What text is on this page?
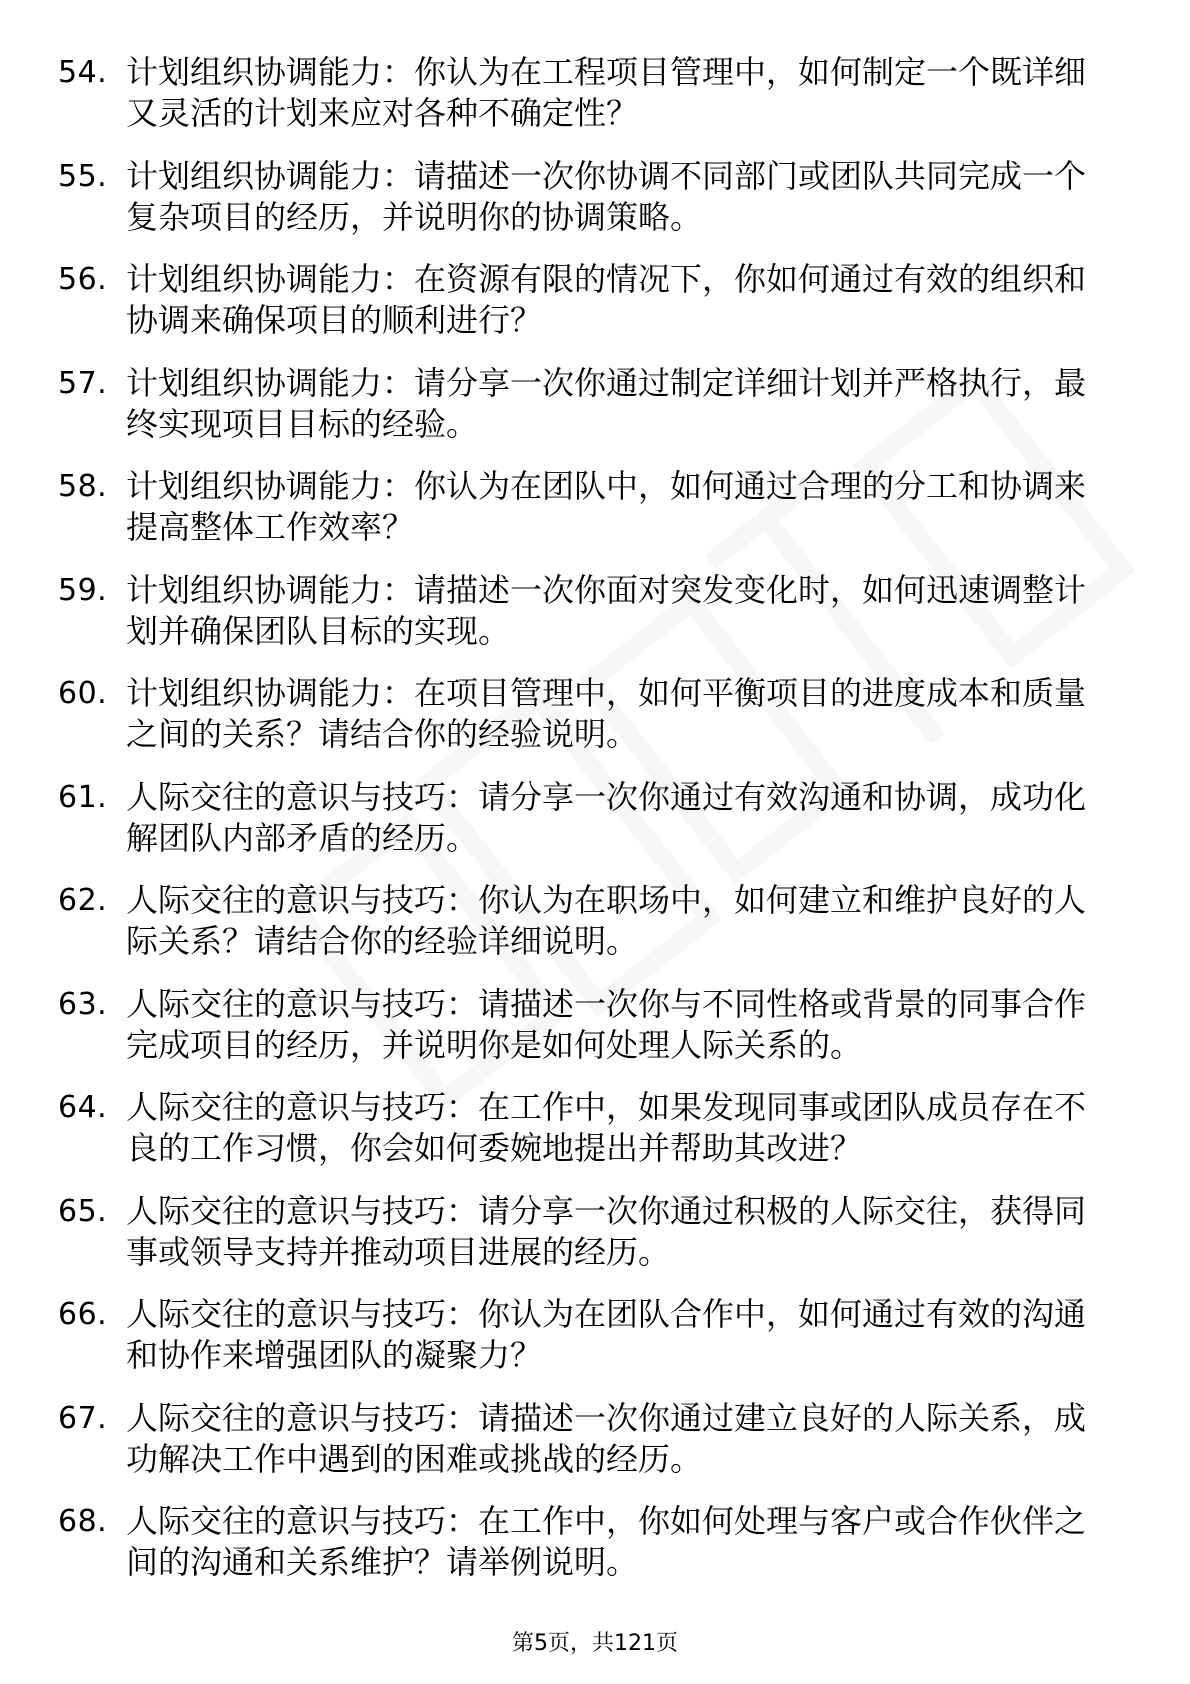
54. 计划组织协调能力：你认为在工程项目管理中，如何制定一个既详细又灵活的计划来应对各种不确定性？
55. 计划组织协调能力：请描述一次你协调不同部门或团队共同完成一个复杂项目的经历，并说明你的协调策略。
56. 计划组织协调能力：在资源有限的情况下，你如何通过有效的组织和协调来确保项目的顺利进行？
57. 计划组织协调能力：请分享一次你通过制定详细计划并严格执行，最终实现项目目标的经验。
58. 计划组织协调能力：你认为在团队中，如何通过合理的分工和协调来提高整体工作效率？
59. 计划组织协调能力：请描述一次你面对突发变化时，如何迅速调整计划并确保团队目标的实现。
60. 计划组织协调能力：在项目管理中，如何平衡项目的进度成本和质量之间的关系？请结合你的经验说明。
61. 人际交往的意识与技巧：请分享一次你通过有效沟通和协调，成功化解团队内部矛盾的经历。
62. 人际交往的意识与技巧：你认为在职场中，如何建立和维护良好的人际关系？请结合你的经验详细说明。
63. 人际交往的意识与技巧：请描述一次你与不同性格或背景的同事合作完成项目的经历，并说明你是如何处理人际关系的。
64. 人际交往的意识与技巧：在工作中，如果发现同事或团队成员存在不良的工作习惯，你会如何委婉地提出并帮助其改进？
65. 人际交往的意识与技巧：请分享一次你通过积极的人际交往，获得同事或领导支持并推动项目进展的经历。
66. 人际交往的意识与技巧：你认为在团队合作中，如何通过有效的沟通和协作来增强团队的凝聚力？
67. 人际交往的意识与技巧：请描述一次你通过建立良好的人际关系，成功解决工作中遇到的困难或挑战的经历。
68. 人际交往的意识与技巧：在工作中，你如何处理与客户或合作伙伴之间的沟通和关系维护？请举例说明。
第5页，共121页
